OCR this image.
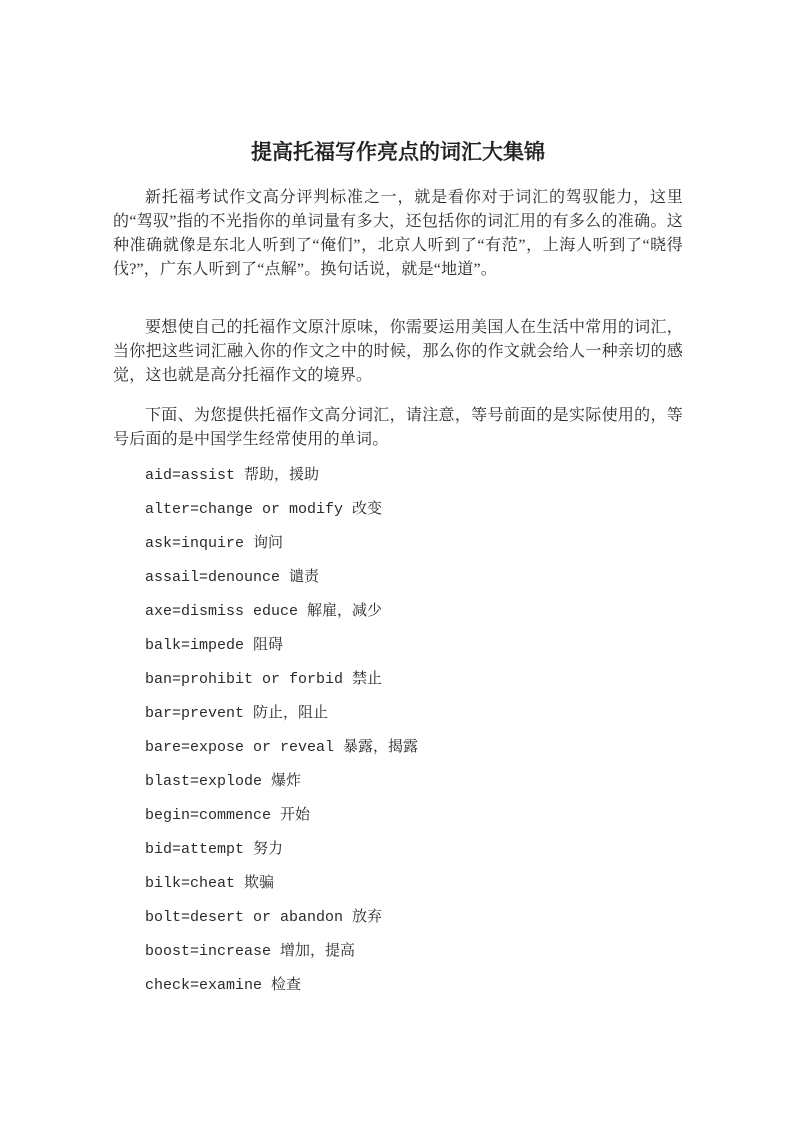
提高托福写作亮点的词汇大集锦

新托福考试作文高分评判标准之一，就是看你对于词汇的驾驭能力，这里的“驾驭”指的不光指你的单词量有多大，还包括你的词汇用的有多么的准确。这种准确就像是东北人听到了“俺们”，北京人听到了“有范”，上海人听到了“晓得伐?”，广东人听到了“点解”。换句话说，就是“地道”。

要想使自己的托福作文原汁原味，你需要运用美国人在生活中常用的词汇，当你把这些词汇融入你的作文之中的时候，那么你的作文就会给人一种亲切的感觉，这也就是高分托福作文的境界。

下面、为您提供托福作文高分词汇，请注意，等号前面的是实际使用的，等号后面的是中国学生经常使用的单词。

aid=assist 帮助，援助
alter=change or modify 改变
ask=inquire 询问
assail=denounce 谴责
axe=dismiss educe 解雇，减少
balk=impede 阻碍
ban=prohibit or forbid 禁止
bar=prevent 防止，阻止
bare=expose or reveal 暴露，揭露
blast=explode 爆炸
begin=commence 开始
bid=attempt 努力
bilk=cheat 欺骗
bolt=desert or abandon 放弃
boost=increase 增加，提高
check=examine 检查
